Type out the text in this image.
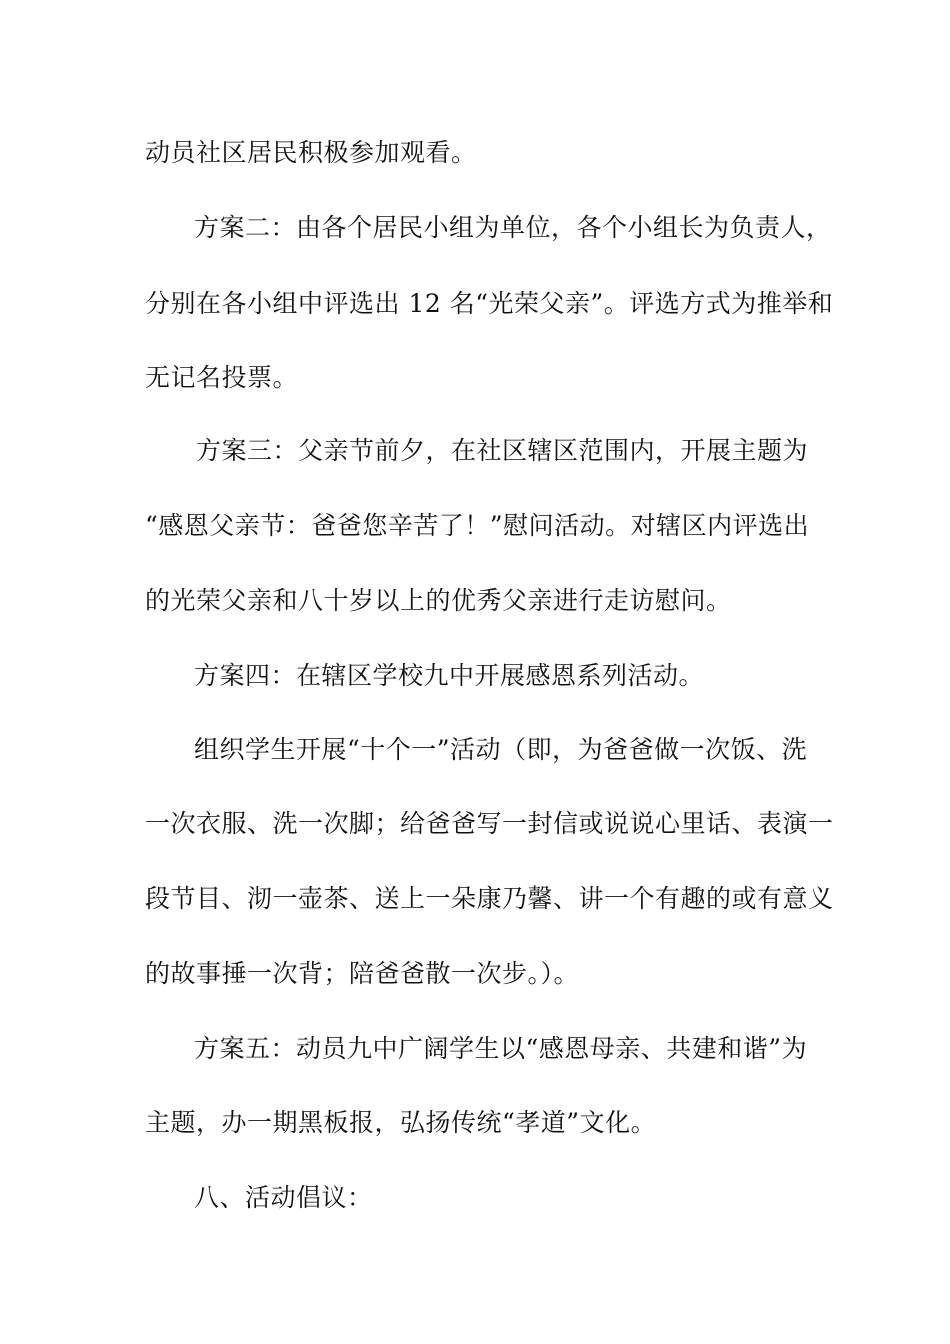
动员社区居民积极参加观看。

方案二：由各个居民小组为单位，各个小组长为负责人，

分别在各小组中评选出 12 名“光荣父亲”。评选方式为推举和

无记名投票。

方案三：父亲节前夕，在社区辖区范围内，开展主题为

“感恩父亲节：爸爸您辛苦了！”慰问活动。对辖区内评选出

的光荣父亲和八十岁以上的优秀父亲进行走访慰问。

方案四：在辖区学校九中开展感恩系列活动。

组织学生开展“十个一”活动（即，为爸爸做一次饭、洗

一次衣服、洗一次脚；给爸爸写一封信或说说心里话、表演一

段节目、沏一壶茶、送上一朵康乃馨、讲一个有趣的或有意义

的故事捶一次背；陪爸爸散一次步。）。

方案五：动员九中广阔学生以“感恩母亲、共建和谐”为

主题，办一期黑板报，弘扬传统“孝道”文化。

八、活动倡议：
